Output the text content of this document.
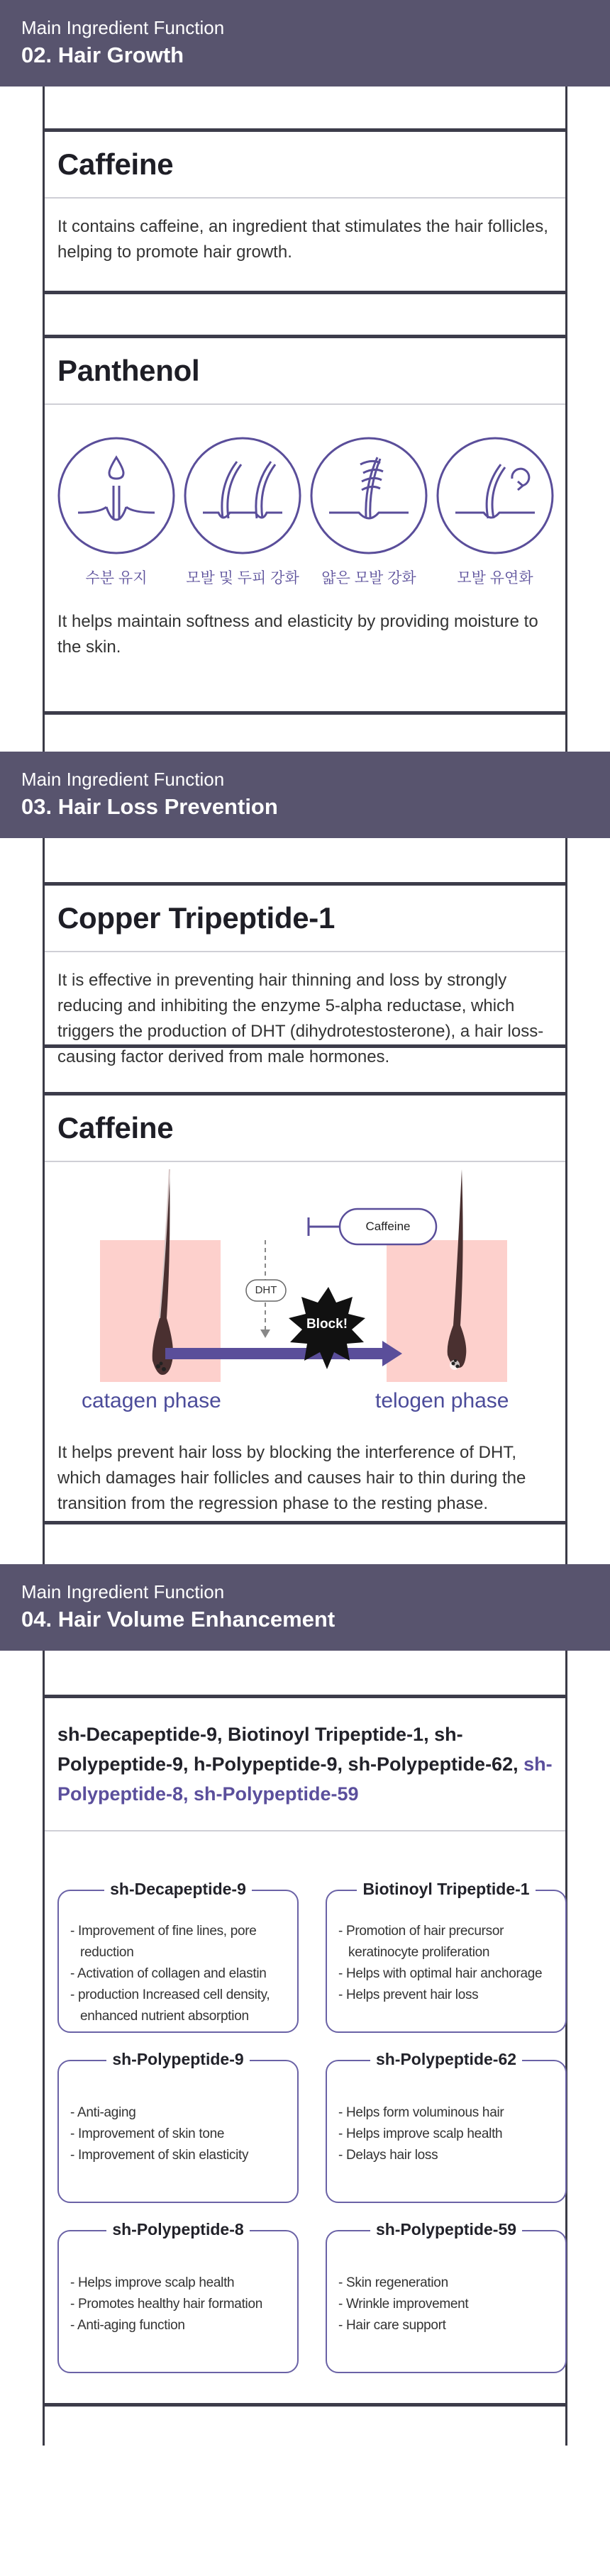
Main Ingredient Function
02. Hair Growth
Caffeine
It contains caffeine, an ingredient that stimulates the hair follicles, helping to promote hair growth.
Panthenol
수분 유지	모발 및 두피 강화	얇은 모발 강화	모발 유연화
It helps maintain softness and elasticity by providing moisture to the skin.
Main Ingredient Function
03. Hair Loss Prevention
Copper Tripeptide-1
It is effective in preventing hair thinning and loss by strongly reducing and inhibiting the enzyme 5-alpha reductase, which triggers the production of DHT (dihydrotestosterone), a hair loss-causing factor derived from male hormones.
Caffeine
Caffeine
DHT
Block!
catagen phase	telogen phase
It helps prevent hair loss by blocking the interference of DHT, which damages hair follicles and causes hair to thin during the transition from the regression phase to the resting phase.
Main Ingredient Function
04. Hair Volume Enhancement
sh-Decapeptide-9, Biotinoyl Tripeptide-1, sh-Polypeptide-9, h-Polypeptide-9, sh-Polypeptide-62, sh-Polypeptide-8, sh-Polypeptide-59
sh-Decapeptide-9
- Improvement of fine lines, pore reduction
- Activation of collagen and elastin
- production Increased cell density, enhanced nutrient absorption
Biotinoyl Tripeptide-1
- Promotion of hair precursor keratinocyte proliferation
- Helps with optimal hair anchorage
- Helps prevent hair loss
sh-Polypeptide-9
- Anti-aging
- Improvement of skin tone
- Improvement of skin elasticity
sh-Polypeptide-62
- Helps form voluminous hair
- Helps improve scalp health
- Delays hair loss
sh-Polypeptide-8
- Helps improve scalp health
- Promotes healthy hair formation
- Anti-aging function
sh-Polypeptide-59
- Skin regeneration
- Wrinkle improvement
- Hair care support
